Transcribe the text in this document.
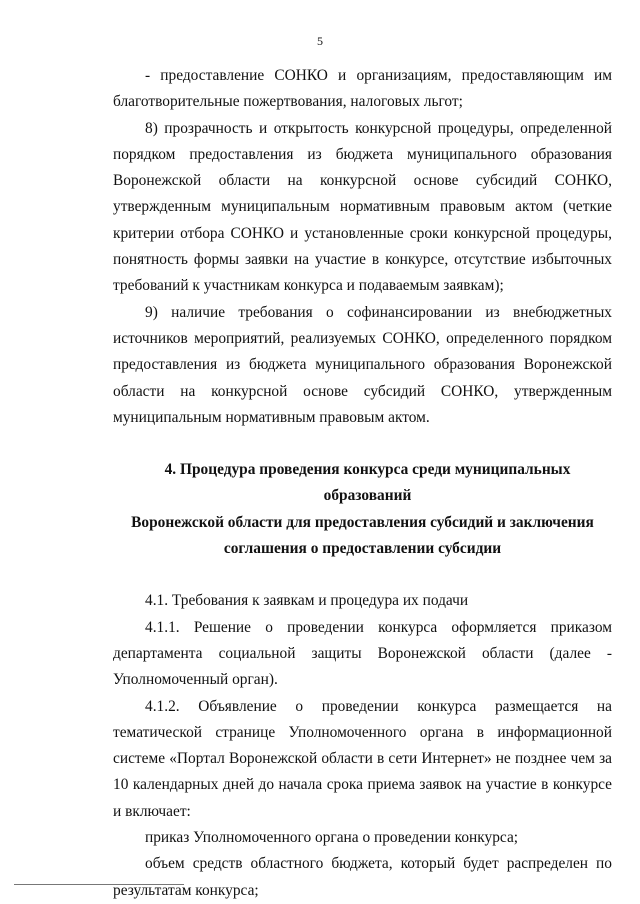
5

- предоставление СОНКО и организациям, предоставляющим им благотворительные пожертвования, налоговых льгот;

8) прозрачность и открытость конкурсной процедуры, определенной порядком предоставления из бюджета муниципального образования Воронежской области на конкурсной основе субсидий СОНКО, утвержденным муниципальным нормативным правовым актом (четкие критерии отбора СОНКО и установленные сроки конкурсной процедуры, понятность формы заявки на участие в конкурсе, отсутствие избыточных требований к участникам конкурса и подаваемым заявкам);

9) наличие требования о софинансировании из внебюджетных источников мероприятий, реализуемых СОНКО, определенного порядком предоставления из бюджета муниципального образования Воронежской области на конкурсной основе субсидий СОНКО, утвержденным муниципальным нормативным правовым актом.

4. Процедура проведения конкурса среди муниципальных образований
Воронежской области для предоставления субсидий и заключения
соглашения о предоставлении субсидии

4.1. Требования к заявкам и процедура их подачи

4.1.1. Решение о проведении конкурса оформляется приказом департамента социальной защиты Воронежской области (далее - Уполномоченный орган).

4.1.2. Объявление о проведении конкурса размещается на тематической странице Уполномоченного органа в информационной системе «Портал Воронежской области в сети Интернет» не позднее чем за 10 календарных дней до начала срока приема заявок на участие в конкурсе и включает:

приказ Уполномоченного органа о проведении конкурса;

объем средств областного бюджета, который будет распределен по результатам конкурса;
